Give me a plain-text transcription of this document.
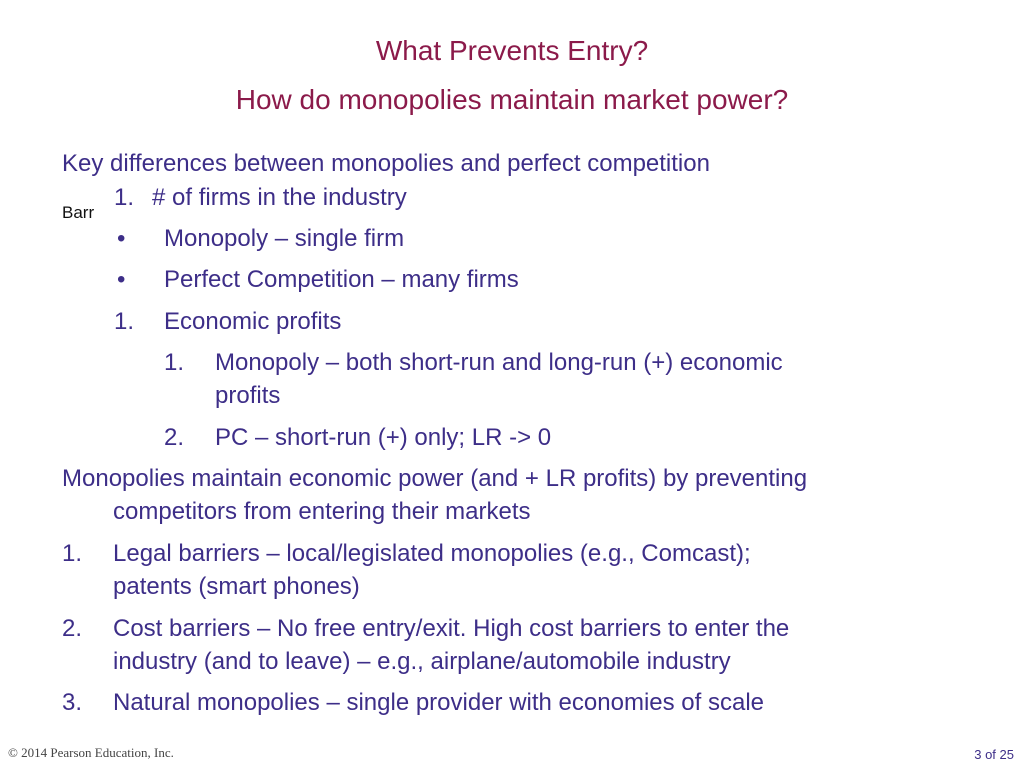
What Prevents Entry?
How do monopolies maintain market power?
Key differences between monopolies and perfect competition
Barr
1. # of firms in the industry
• Monopoly – single firm
• Perfect Competition – many firms
1. Economic profits
1. Monopoly – both short-run and long-run (+) economic
profits
2. PC – short-run (+) only; LR -> 0
Monopolies maintain economic power (and + LR profits) by preventing
competitors from entering their markets
1. Legal barriers – local/legislated monopolies (e.g., Comcast);
patents (smart phones)
2. Cost barriers – No free entry/exit. High cost barriers to enter the
industry (and to leave) – e.g., airplane/automobile industry
3. Natural monopolies – single provider with economies of scale
© 2014 Pearson Education, Inc.	3 of 25
